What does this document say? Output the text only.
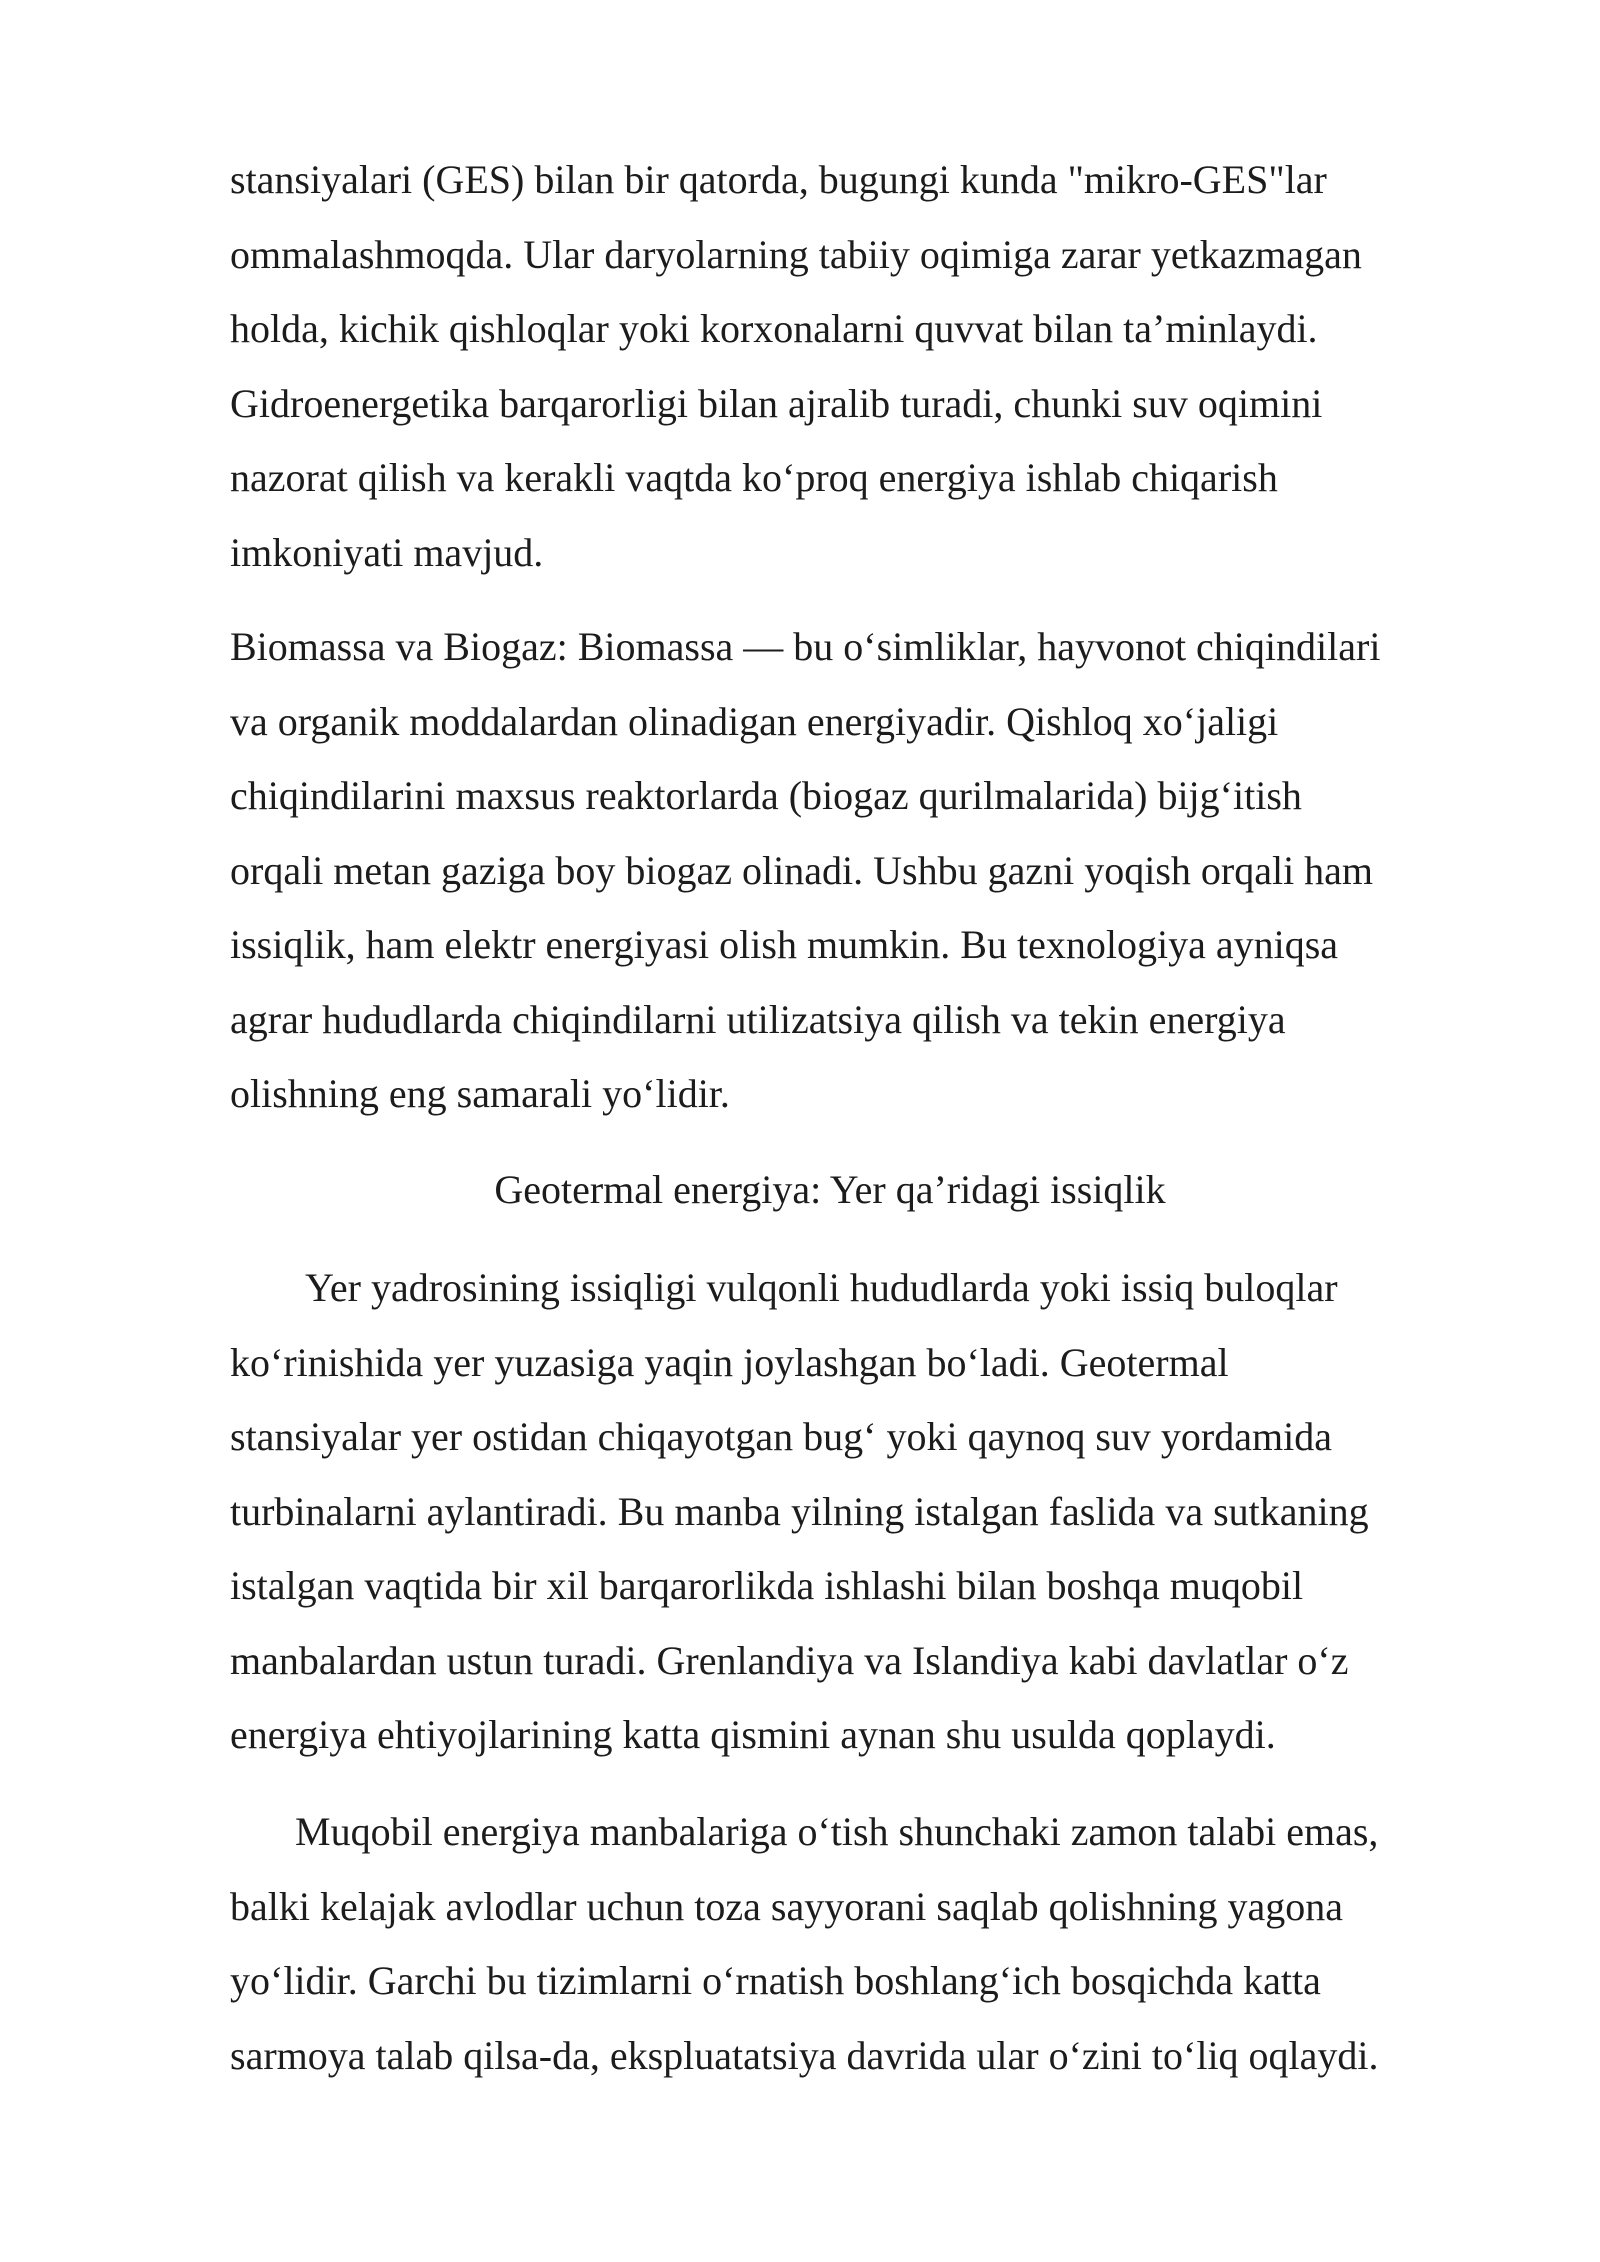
stansiyalari (GES) bilan bir qatorda, bugungi kunda "mikro-GES"lar
ommalashmoqda. Ular daryolarning tabiiy oqimiga zarar yetkazmagan
holda, kichik qishloqlar yoki korxonalarni quvvat bilan ta’minlaydi.
Gidroenergetika barqarorligi bilan ajralib turadi, chunki suv oqimini
nazorat qilish va kerakli vaqtda ko‘proq energiya ishlab chiqarish
imkoniyati mavjud.
Biomassa va Biogaz: Biomassa — bu o‘simliklar, hayvonot chiqindilari
va organik moddalardan olinadigan energiyadir. Qishloq xo‘jaligi
chiqindilarini maxsus reaktorlarda (biogaz qurilmalarida) bijg‘itish
orqali metan gaziga boy biogaz olinadi. Ushbu gazni yoqish orqali ham
issiqlik, ham elektr energiyasi olish mumkin. Bu texnologiya ayniqsa
agrar hududlarda chiqindilarni utilizatsiya qilish va tekin energiya
olishning eng samarali yo‘lidir.
Geotermal energiya: Yer qa’ridagi issiqlik
Yer yadrosining issiqligi vulqonli hududlarda yoki issiq buloqlar
ko‘rinishida yer yuzasiga yaqin joylashgan bo‘ladi. Geotermal
stansiyalar yer ostidan chiqayotgan bug‘ yoki qaynoq suv yordamida
turbinalarni aylantiradi. Bu manba yilning istalgan faslida va sutkaning
istalgan vaqtida bir xil barqarorlikda ishlashi bilan boshqa muqobil
manbalardan ustun turadi. Grenlandiya va Islandiya kabi davlatlar o‘z
energiya ehtiyojlarining katta qismini aynan shu usulda qoplaydi.
Muqobil energiya manbalariga o‘tish shunchaki zamon talabi emas,
balki kelajak avlodlar uchun toza sayyorani saqlab qolishning yagona
yo‘lidir. Garchi bu tizimlarni o‘rnatish boshlang‘ich bosqichda katta
sarmoya talab qilsa-da, ekspluatatsiya davrida ular o‘zini to‘liq oqlaydi.
